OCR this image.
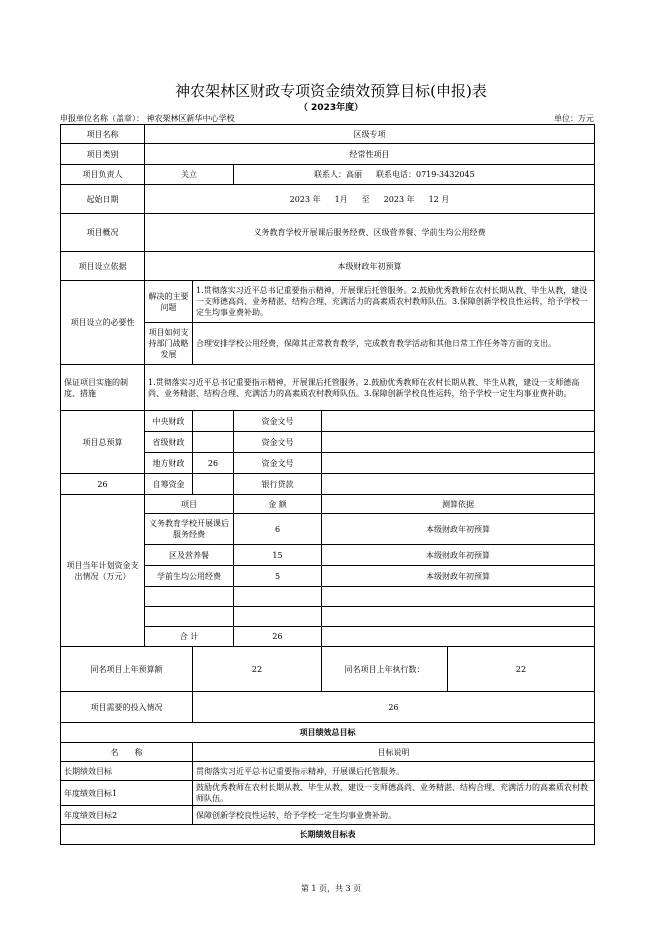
神农架林区财政专项资金绩效预算目标(申报)表
（ 2023年度）
申报单位名称（盖章）： 神农架林区新华中心学校	单位：万元
项目名称	区级专项				
项目类别	经常性项目				
项目负责人	关立		联系人：高丽 联系电话：0719-3432045		
起始日期	2023 年 1月 至 2023 年 12 月				
项目概况	义务教育学校开展课后服务经费、区级营养餐、学前生均公用经费				
项目设立依据	本级财政年初预算				
项目设立的必要性	解决的主要问题	1.贯彻落实习近平总书记重要指示精神，开展课后托管服务。2.鼓励优秀教师在农村长期从教、毕生从教，建设一支师德高尚、业务精湛、结构合理、充满活力的高素质农村教师队伍。3.保障创新学校良性运转，给予学校一定生均事业费补助。			
	项目如何支持部门战略发展	合理安排学校公用经费，保障其正常教育教学，完成教育教学活动和其他日常工作任务等方面的支出。			
保证项目实施的制度、措施	1.贯彻落实习近平总书记重要指示精神，开展课后托管服务。2.鼓励优秀教师在农村长期从教、毕生从教，建设一支师德高尚、业务精湛、结构合理、充满活力的高素质农村教师队伍。3.保障创新学校良性运转，给予学校一定生均事业费补助。				
项目总预算	中央财政		资金文号		
	省级财政		资金文号		
	地方财政	26	资金文号		
26	自筹资金		银行贷款		
项目当年计划资金支出情况（万元）	项目		金 额	测算依据	
	义务教育学校开展课后服务经费		6	本级财政年初预算	
	区及营养餐		15	本级财政年初预算	
	学前生均公用经费		5	本级财政年初预算	

	合 计		26		
同名项目上年预算额		22		同名项目上年执行数：	22
项目需要的投入情况		26			
项目绩效总目标					
名　　称		目标说明			
长期绩效目标		贯彻落实习近平总书记重要指示精神，开展课后托管服务。			
年度绩效目标1		鼓励优秀教师在农村长期从教、毕生从教，建设一支师德高尚、业务精湛、结构合理、充满活力的高素质农村教师队伍。			
年度绩效目标2		保障创新学校良性运转，给予学校一定生均事业费补助。			
长期绩效目标表					
第 1 页，共 3 页
